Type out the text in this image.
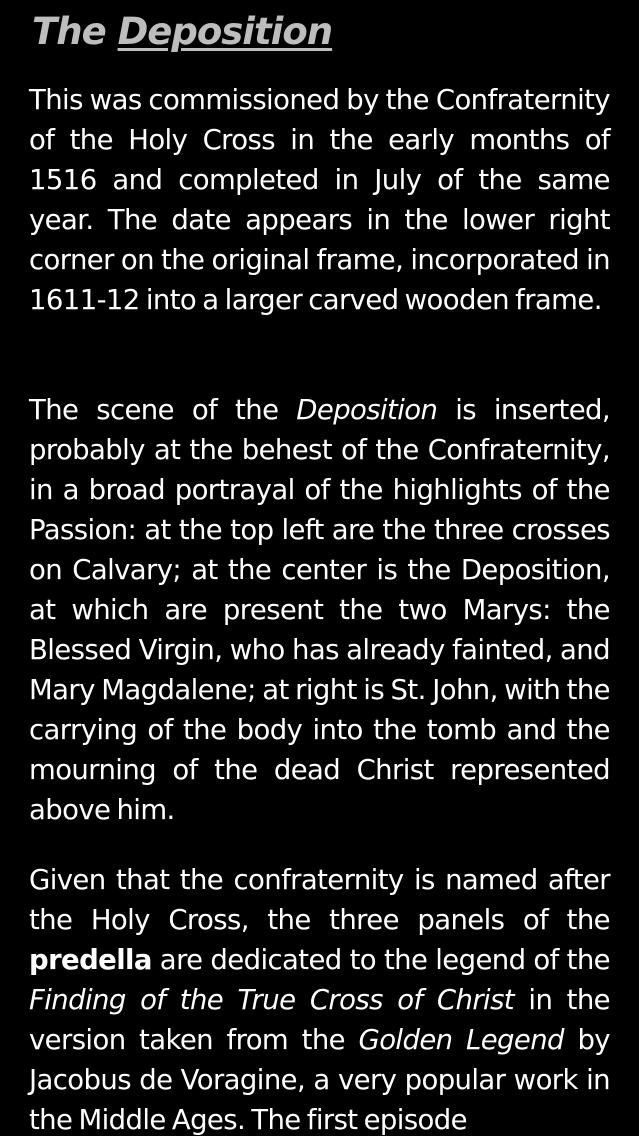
The Deposition

This was commissioned by the Confraternity of the Holy Cross in the early months of 1516 and completed in July of the same year. The date appears in the lower right corner on the original frame, incorporated in 1611-12 into a larger carved wooden frame.

The scene of the Deposition is inserted, probably at the behest of the Confraternity, in a broad portrayal of the highlights of the Passion: at the top left are the three crosses on Calvary; at the center is the Deposition, at which are present the two Marys: the Blessed Virgin, who has already fainted, and Mary Magdalene; at right is St. John, with the carrying of the body into the tomb and the mourning of the dead Christ represented above him.

Given that the confraternity is named after the Holy Cross, the three panels of the predella are dedicated to the legend of the Finding of the True Cross of Christ in the version taken from the Golden Legend by Jacobus de Voragine, a very popular work in the Middle Ages. The first episode
